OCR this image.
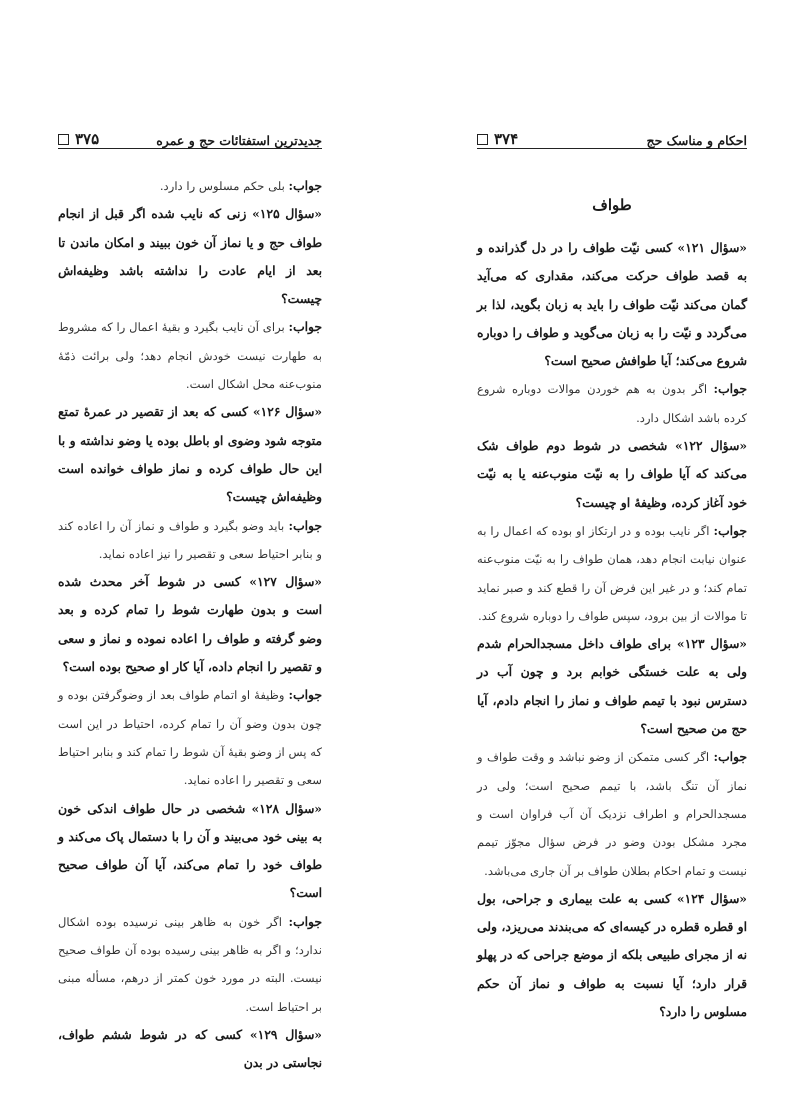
جدیدترین استفتائات حج و عمره
۳۷۵

جواب: بلی حکم مسلوس را دارد.

«سؤال ۱۲۵» زنی که نایب شده اگر قبل از انجام طواف حج و یا نماز آن خون ببیند و امکان ماندن تا بعد از ایام عادت را نداشته باشد وظیفه‌اش چیست؟

جواب: برای آن نایب بگیرد و بقیهٔ اعمال را که مشروط به طهارت نیست خودش انجام دهد؛ ولی برائت ذمّهٔ منوب‌عنه محل اشکال است.

«سؤال ۱۲۶» کسی که بعد از تقصیر در عمرهٔ تمتع متوجه شود وضوی او باطل بوده یا وضو نداشته و با این حال طواف کرده و نماز طواف خوانده است وظیفه‌اش چیست؟

جواب: باید وضو بگیرد و طواف و نماز آن را اعاده کند و بنابر احتیاط سعی و تقصیر را نیز اعاده نماید.

«سؤال ۱۲۷» کسی در شوط آخر محدث شده است و بدون طهارت شوط را تمام کرده و بعد وضو گرفته و طواف را اعاده نموده و نماز و سعی و تقصیر را انجام داده، آیا کار او صحیح بوده است؟

جواب: وظیفهٔ او اتمام طواف بعد از وضوگرفتن بوده و چون بدون وضو آن را تمام کرده، احتیاط در این است که پس از وضو بقیهٔ آن شوط را تمام کند و بنابر احتیاط سعی و تقصیر را اعاده نماید.

«سؤال ۱۲۸» شخصی در حال طواف اندکی خون به بینی خود می‌بیند و آن را با دستمال پاک می‌کند و طواف خود را تمام می‌کند، آیا آن طواف صحیح است؟

جواب: اگر خون به ظاهر بینی نرسیده بوده اشکال ندارد؛ و اگر به ظاهر بینی رسیده بوده آن طواف صحیح نیست. البته در مورد خون کمتر از درهم، مسأله مبنی بر احتیاط است.

«سؤال ۱۲۹» کسی که در شوط ششم طواف، نجاستی در بدن

احکام و مناسک حج
۳۷۴

طواف

«سؤال ۱۲۱» کسی نیّت طواف را در دل گذرانده و به قصد طواف حرکت می‌کند، مقداری که می‌آید گمان می‌کند نیّت طواف را باید به زبان بگوید، لذا بر می‌گردد و نیّت را به زبان می‌گوید و طواف را دوباره شروع می‌کند؛ آیا طوافش صحیح است؟

جواب: اگر بدون به هم خوردن موالات دوباره شروع کرده باشد اشکال دارد.

«سؤال ۱۲۲» شخصی در شوط دوم طواف شک می‌کند که آیا طواف را به نیّت منوب‌عنه یا به نیّت خود آغاز کرده، وظیفهٔ او چیست؟

جواب: اگر نایب بوده و در ارتکاز او بوده که اعمال را به عنوان نیابت انجام دهد، همان طواف را به نیّت منوب‌عنه تمام کند؛ و در غیر این فرض آن را قطع کند و صبر نماید تا موالات از بین برود، سپس طواف را دوباره شروع کند.

«سؤال ۱۲۳» برای طواف داخل مسجدالحرام شدم ولی به علت خستگی خوابم برد و چون آب در دسترس نبود با تیمم طواف و نماز را انجام دادم، آیا حج من صحیح است؟

جواب: اگر کسی متمکن از وضو نباشد و وقت طواف و نماز آن تنگ باشد، با تیمم صحیح است؛ ولی در مسجدالحرام و اطراف نزدیک آن آب فراوان است و مجرد مشکل بودن وضو در فرض سؤال مجوّز تیمم نیست و تمام احکام بطلان طواف بر آن جاری می‌باشد.

«سؤال ۱۲۴» کسی به علت بیماری و جراحی، بول او قطره قطره در کیسه‌ای که می‌بندند می‌ریزد، ولی نه از مجرای طبیعی بلکه از موضع جراحی که در پهلو قرار دارد؛ آیا نسبت به طواف و نماز آن حکم مسلوس را دارد؟
